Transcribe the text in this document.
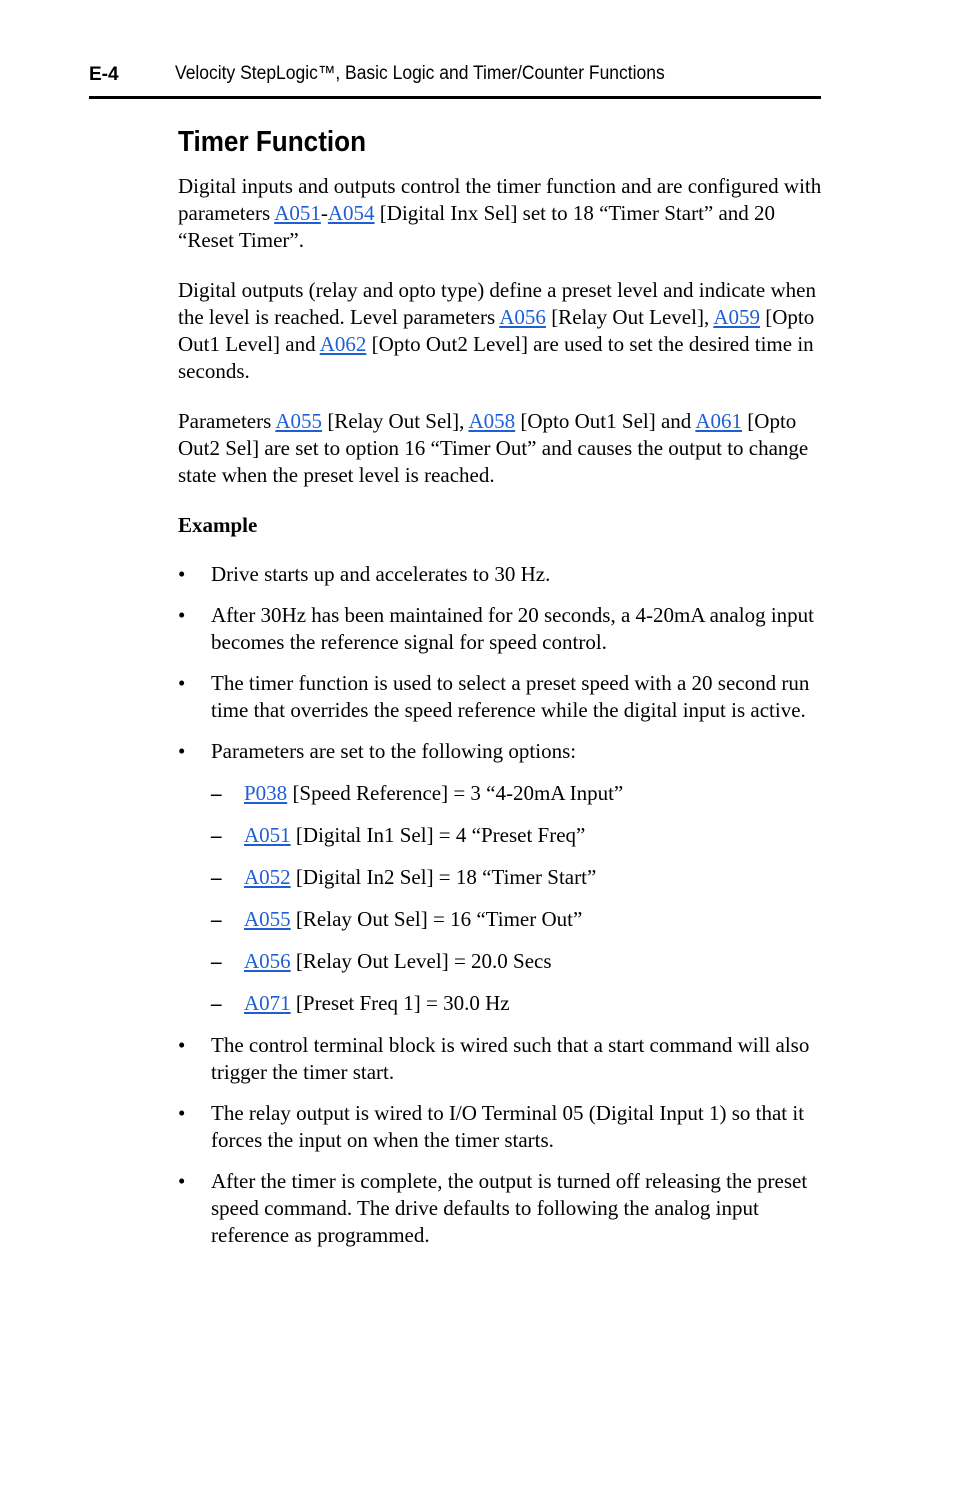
E-4	Velocity StepLogic™, Basic Logic and Timer/Counter Functions
Timer Function

Digital inputs and outputs control the timer function and are configured with parameters A051-A054 [Digital Inx Sel] set to 18 “Timer Start” and 20 “Reset Timer”.

Digital outputs (relay and opto type) define a preset level and indicate when the level is reached. Level parameters A056 [Relay Out Level], A059 [Opto Out1 Level] and A062 [Opto Out2 Level] are used to set the desired time in seconds.

Parameters A055 [Relay Out Sel], A058 [Opto Out1 Sel] and A061 [Opto Out2 Sel] are set to option 16 “Timer Out” and causes the output to change state when the preset level is reached.

Example
• Drive starts up and accelerates to 30 Hz.
• After 30Hz has been maintained for 20 seconds, a 4-20mA analog input becomes the reference signal for speed control.
• The timer function is used to select a preset speed with a 20 second run time that overrides the speed reference while the digital input is active.
• Parameters are set to the following options:
– P038 [Speed Reference] = 3 “4-20mA Input”
– A051 [Digital In1 Sel] = 4 “Preset Freq”
– A052 [Digital In2 Sel] = 18 “Timer Start”
– A055 [Relay Out Sel] = 16 “Timer Out”
– A056 [Relay Out Level] = 20.0 Secs
– A071 [Preset Freq 1] = 30.0 Hz
• The control terminal block is wired such that a start command will also trigger the timer start.
• The relay output is wired to I/O Terminal 05 (Digital Input 1) so that it forces the input on when the timer starts.
• After the timer is complete, the output is turned off releasing the preset speed command. The drive defaults to following the analog input reference as programmed.
